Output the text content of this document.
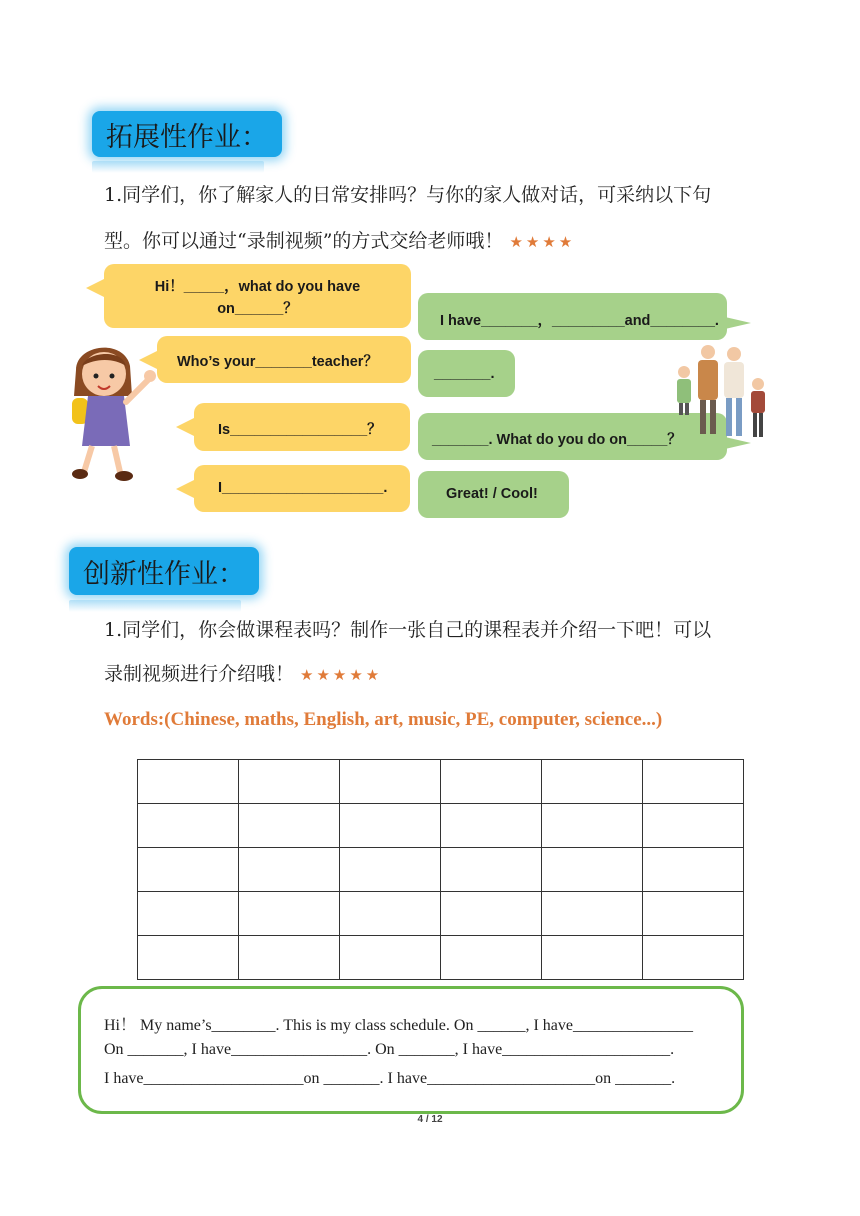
拓展性作业：
1.同学们，你了解家人的日常安排吗？与你的家人做对话，可采纳以下句
型。你可以通过“录制视频”的方式交给老师哦！ ★★★★
Hi！_____，what do you have
on______？
Who’s your_______teacher？
Is_________________？
I____________________.
I have_______，_________and________.
_______.
_______. What do you do on_____？
Great! / Cool!
创新性作业：
1.同学们，你会做课程表吗？制作一张自己的课程表并介绍一下吧！可以
录制视频进行介绍哦！ ★★★★★
Words:(Chinese, maths, English, art, music, PE, computer, science...)

Hi！ My name’s________. This is my class schedule. On ______, I have_______________
On _______, I have_________________. On _______, I have_____________________.
I have____________________on _______. I have_____________________on _______.
4 / 12
